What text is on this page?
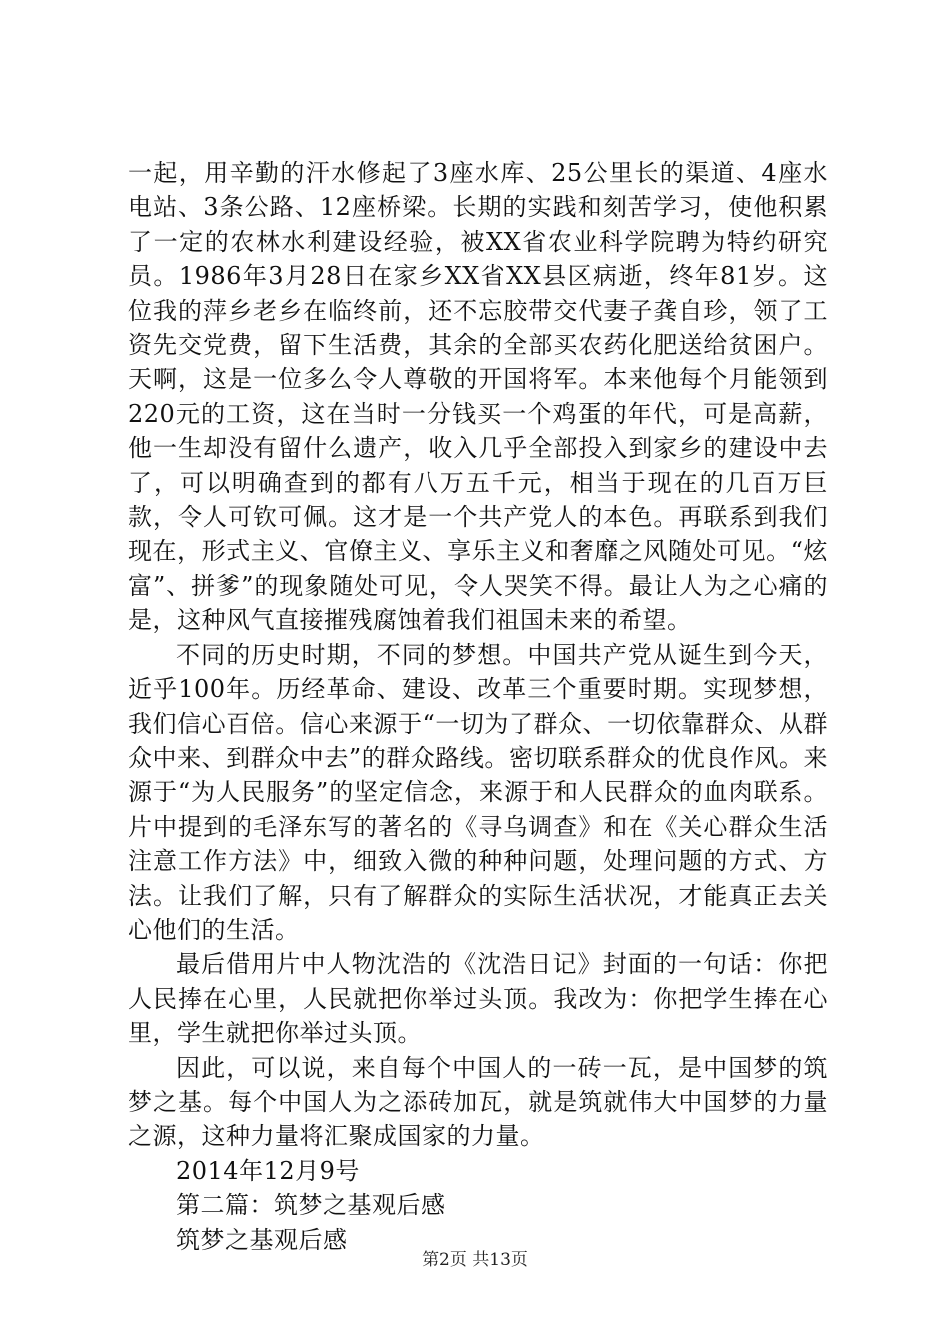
一起，用辛勤的汗水修起了3座水库、25公里长的渠道、4座水电站、3条公路、12座桥梁。长期的实践和刻苦学习，使他积累了一定的农林水利建设经验，被XX省农业科学院聘为特约研究员。1986年3月28日在家乡XX省XX县区病逝，终年81岁。这位我的萍乡老乡在临终前，还不忘胶带交代妻子龚自珍，领了工资先交党费，留下生活费，其余的全部买农药化肥送给贫困户。天啊，这是一位多么令人尊敬的开国将军。本来他每个月能领到220元的工资，这在当时一分钱买一个鸡蛋的年代，可是高薪，他一生却没有留什么遗产，收入几乎全部投入到家乡的建设中去了，可以明确查到的都有八万五千元，相当于现在的几百万巨款，令人可钦可佩。这才是一个共产党人的本色。再联系到我们现在，形式主义、官僚主义、享乐主义和奢靡之风随处可见。“炫富”、拼爹”的现象随处可见，令人哭笑不得。最让人为之心痛的是，这种风气直接摧残腐蚀着我们祖国未来的希望。

不同的历史时期，不同的梦想。中国共产党从诞生到今天，近乎100年。历经革命、建设、改革三个重要时期。实现梦想，我们信心百倍。信心来源于“一切为了群众、一切依靠群众、从群众中来、到群众中去”的群众路线。密切联系群众的优良作风。来源于“为人民服务”的坚定信念，来源于和人民群众的血肉联系。片中提到的毛泽东写的著名的《寻乌调查》和在《关心群众生活注意工作方法》中，细致入微的种种问题，处理问题的方式、方法。让我们了解，只有了解群众的实际生活状况，才能真正去关心他们的生活。

最后借用片中人物沈浩的《沈浩日记》封面的一句话：你把人民捧在心里，人民就把你举过头顶。我改为：你把学生捧在心里，学生就把你举过头顶。

因此，可以说，来自每个中国人的一砖一瓦，是中国梦的筑梦之基。每个中国人为之添砖加瓦，就是筑就伟大中国梦的力量之源，这种力量将汇聚成国家的力量。

2014年12月9号

第二篇：筑梦之基观后感

筑梦之基观后感

第2页 共13页
